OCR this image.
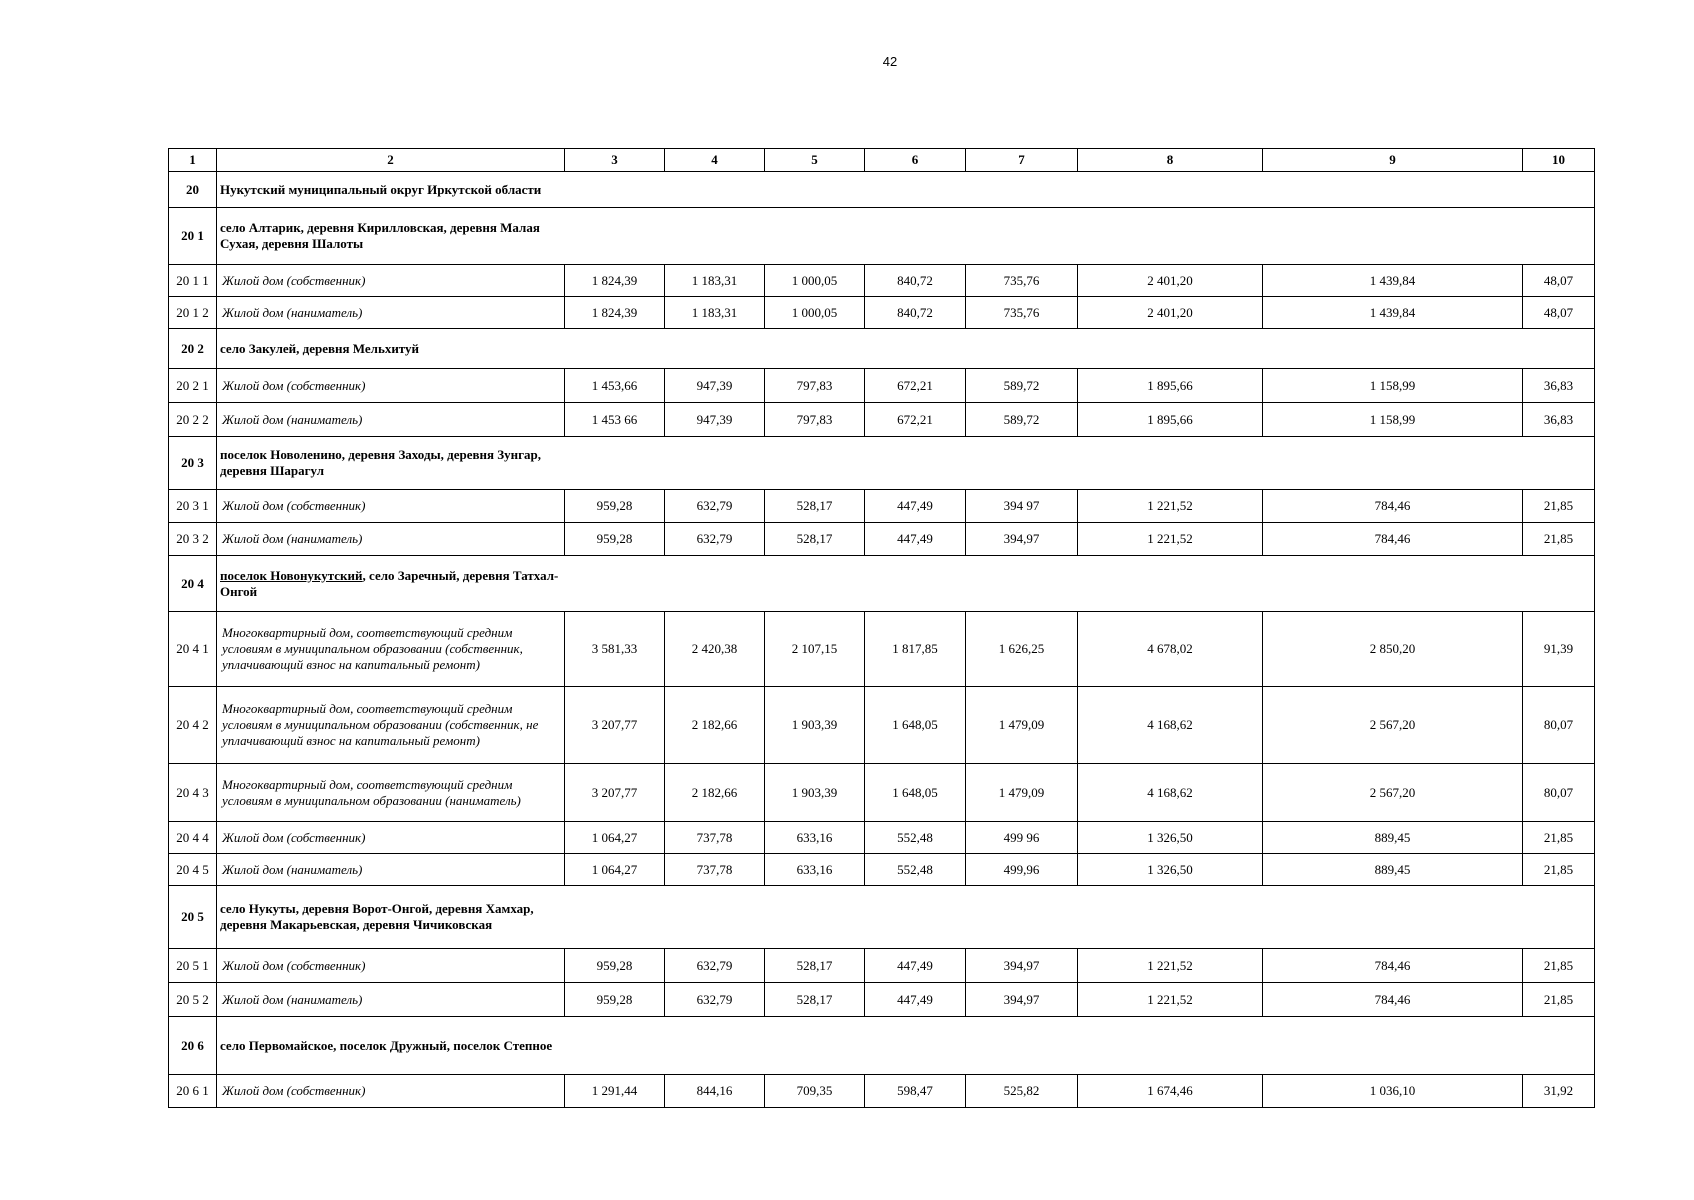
42
1	2	3	4	5	6	7	8	9	10
20	Нукутский муниципальный округ Иркутской области								
20 1	село Алтарик, деревня Кирилловская, деревня Малая Сухая, деревня Шалоты								
20 1 1	Жилой дом (собственник)	1 824,39	1 183,31	1 000,05	840,72	735,76	2 401,20	1 439,84	48,07
20 1 2	Жилой дом (наниматель)	1 824,39	1 183,31	1 000,05	840,72	735,76	2 401,20	1 439,84	48,07
20 2	село Закулей, деревня Мельхитуй								
20 2 1	Жилой дом (собственник)	1 453,66	947,39	797,83	672,21	589,72	1 895,66	1 158,99	36,83
20 2 2	Жилой дом (наниматель)	1 453 66	947,39	797,83	672,21	589,72	1 895,66	1 158,99	36,83
20 3	поселок Новоленино, деревня Заходы, деревня Зунгар, деревня Шарагул								
20 3 1	Жилой дом (собственник)	959,28	632,79	528,17	447,49	394 97	1 221,52	784,46	21,85
20 3 2	Жилой дом (наниматель)	959,28	632,79	528,17	447,49	394,97	1 221,52	784,46	21,85
20 4	поселок Новонукутский, село Заречный, деревня Татхал-Онгой								
20 4 1	Многоквартирный дом, соответствующий средним условиям в муниципальном образовании (собственник, уплачивающий взнос на капитальный ремонт)	3 581,33	2 420,38	2 107,15	1 817,85	1 626,25	4 678,02	2 850,20	91,39
20 4 2	Многоквартирный дом, соответствующий средним условиям в муниципальном образовании (собственник, не уплачивающий взнос на капитальный ремонт)	3 207,77	2 182,66	1 903,39	1 648,05	1 479,09	4 168,62	2 567,20	80,07
20 4 3	Многоквартирный дом, соответствующий средним условиям в муниципальном образовании (наниматель)	3 207,77	2 182,66	1 903,39	1 648,05	1 479,09	4 168,62	2 567,20	80,07
20 4 4	Жилой дом (собственник)	1 064,27	737,78	633,16	552,48	499 96	1 326,50	889,45	21,85
20 4 5	Жилой дом (наниматель)	1 064,27	737,78	633,16	552,48	499,96	1 326,50	889,45	21,85
20 5	село Нукуты, деревня Ворот-Онгой, деревня Хамхар, деревня Макарьевская, деревня Чичиковская								
20 5 1	Жилой дом (собственник)	959,28	632,79	528,17	447,49	394,97	1 221,52	784,46	21,85
20 5 2	Жилой дом (наниматель)	959,28	632,79	528,17	447,49	394,97	1 221,52	784,46	21,85
20 6	село Первомайское, поселок Дружный, поселок Степное								
20 6 1	Жилой дом (собственник)	1 291,44	844,16	709,35	598,47	525,82	1 674,46	1 036,10	31,92
